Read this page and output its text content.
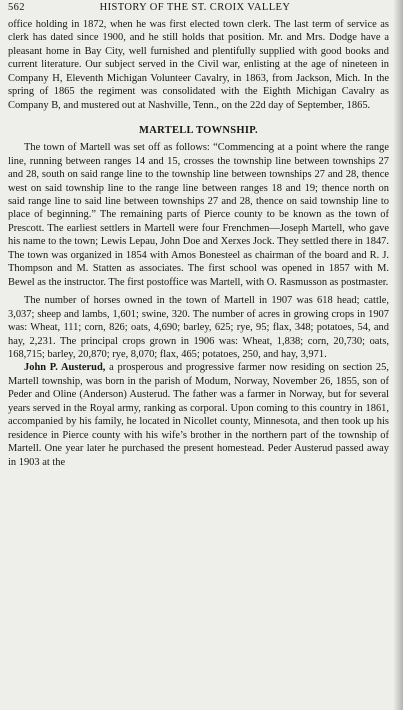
562	HISTORY OF THE ST. CROIX VALLEY

office holding in 1872, when he was first elected town clerk. The last term of service as clerk has dated since 1900, and he still holds that position. Mr. and Mrs. Dodge have a pleasant home in Bay City, well furnished and plentifully supplied with good books and current literature. Our subject served in the Civil war, enlisting at the age of nineteen in Company H, Eleventh Michigan Volunteer Cavalry, in 1863, from Jackson, Mich. In the spring of 1865 the regiment was consolidated with the Eighth Michigan Cavalry as Company B, and mustered out at Nashville, Tenn., on the 22d day of September, 1865.

MARTELL TOWNSHIP.

The town of Martell was set off as follows: “Commencing at a point where the range line, running between ranges 14 and 15, crosses the township line between townships 27 and 28, south on said range line to the township line between townships 27 and 28, thence west on said township line to the range line between ranges 18 and 19; thence north on said range line to said line between townships 27 and 28, thence on said township line to place of beginning.” The remaining parts of Pierce county to be known as the town of Prescott. The earliest settlers in Martell were four Frenchmen—Joseph Martell, who gave his name to the town; Lewis Lepau, John Doe and Xerxes Jock. They settled there in 1847. The town was organized in 1854 with Amos Bonesteel as chairman of the board and R. J. Thompson and M. Statten as associates. The first school was opened in 1857 with M. Bewel as the instructor. The first postoffice was Martell, with O. Rasmusson as postmaster.

The number of horses owned in the town of Martell in 1907 was 618 head; cattle, 3,037; sheep and lambs, 1,601; swine, 320. The number of acres in growing crops in 1907 was: Wheat, 111; corn, 826; oats, 4,690; barley, 625; rye, 95; flax, 348; potatoes, 54, and hay, 2,231. The principal crops grown in 1906 was: Wheat, 1,838; corn, 20,730; oats, 168,715; barley, 20,870; rye, 8,070; flax, 465; potatoes, 250, and hay, 3,971.

John P. Austerud, a prosperous and progressive farmer now residing on section 25, Martell township, was born in the parish of Modum, Norway, November 26, 1855, son of Peder and Oline (Anderson) Austerud. The father was a farmer in Norway, but for several years served in the Royal army, ranking as corporal. Upon coming to this country in 1861, accompanied by his family, he located in Nicollet county, Minnesota, and then took up his residence in Pierce county with his wife’s brother in the northern part of the township of Martell. One year later he purchased the present homestead. Peder Austerud passed away in 1903 at the
